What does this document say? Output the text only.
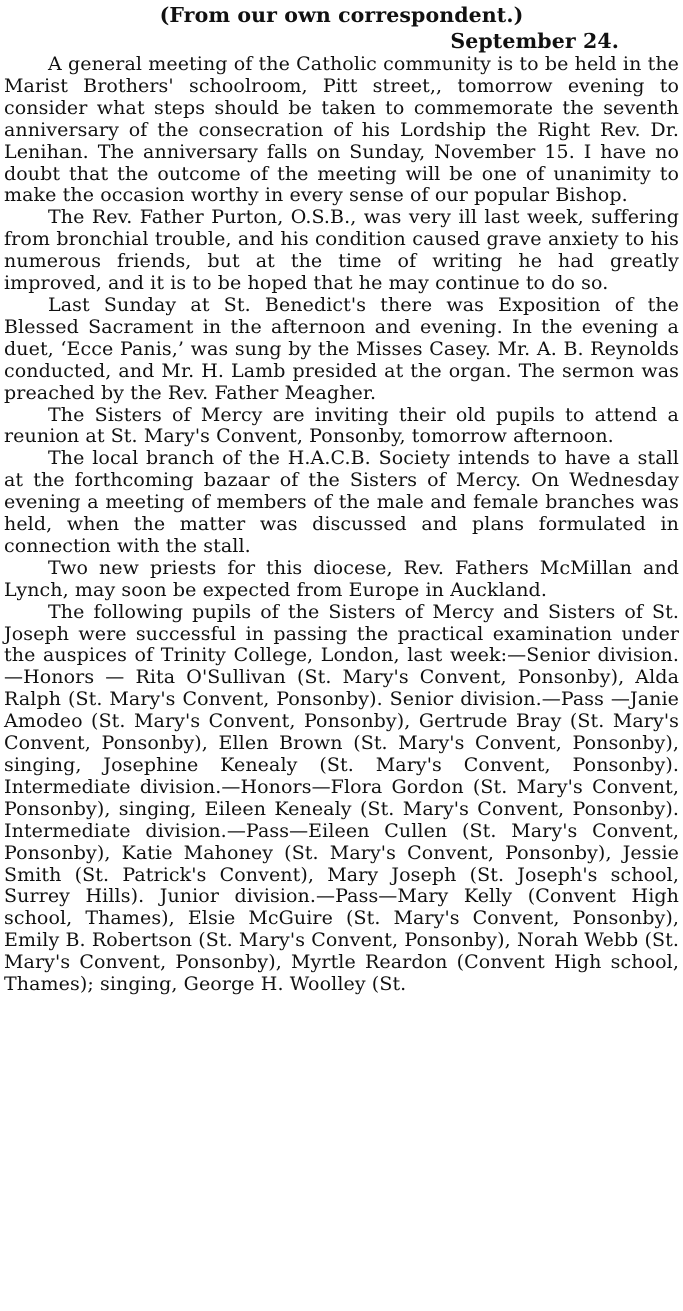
(From our own correspondent.)

September 24.

A general meeting of the Catholic community is to be held in the Marist Brothers' schoolroom, Pitt street,, tomorrow evening to consider what steps should be taken to commemorate the seventh anniversary of the consecration of his Lordship the Right Rev. Dr. Lenihan. The anniversary falls on Sunday, November 15. I have no doubt that the outcome of the meeting will be one of unanimity to make the occasion worthy in every sense of our popular Bishop.

The Rev. Father Purton, O.S.B., was very ill last week, suffering from bronchial trouble, and his condition caused grave anxiety to his numerous friends, but at the time of writing he had greatly improved, and it is to be hoped that he may continue to do so.

Last Sunday at St. Benedict's there was Exposition of the Blessed Sacrament in the afternoon and evening. In the evening a duet, ‘Ecce Panis,’ was sung by the Misses Casey. Mr. A. B. Reynolds conducted, and Mr. H. Lamb presided at the organ. The sermon was preached by the Rev. Father Meagher.

The Sisters of Mercy are inviting their old pupils to attend a reunion at St. Mary's Convent, Ponsonby, tomorrow afternoon.

The local branch of the H.A.C.B. Society intends to have a stall at the forthcoming bazaar of the Sisters of Mercy. On Wednesday evening a meeting of members of the male and female branches was held, when the matter was discussed and plans formulated in connection with the stall.

Two new priests for this diocese, Rev. Fathers McMillan and Lynch, may soon be expected from Europe in Auckland.

The following pupils of the Sisters of Mercy and Sisters of St. Joseph were successful in passing the practical examination under the auspices of Trinity College, London, last week:—Senior division.—Honors — Rita O'Sullivan (St. Mary's Convent, Ponsonby), Alda Ralph (St. Mary's Convent, Ponsonby). Senior division.—Pass —Janie Amodeo (St. Mary's Convent, Ponsonby), Gertrude Bray (St. Mary's Convent, Ponsonby), Ellen Brown (St. Mary's Convent, Ponsonby), singing, Josephine Kenealy (St. Mary's Convent, Ponsonby). Intermediate division.—Honors—Flora Gordon (St. Mary's Convent, Ponsonby), singing, Eileen Kenealy (St. Mary's Convent, Ponsonby). Intermediate division.—Pass—Eileen Cullen (St. Mary's Convent, Ponsonby), Katie Mahoney (St. Mary's Convent, Ponsonby), Jessie Smith (St. Patrick's Convent), Mary Joseph (St. Joseph's school, Surrey Hills). Junior division.—Pass—Mary Kelly (Convent High school, Thames), Elsie McGuire (St. Mary's Convent, Ponsonby), Emily B. Robertson (St. Mary's Convent, Ponsonby), Norah Webb (St. Mary's Convent, Ponsonby), Myrtle Reardon (Convent High school, Thames); singing, George H. Woolley (St.
